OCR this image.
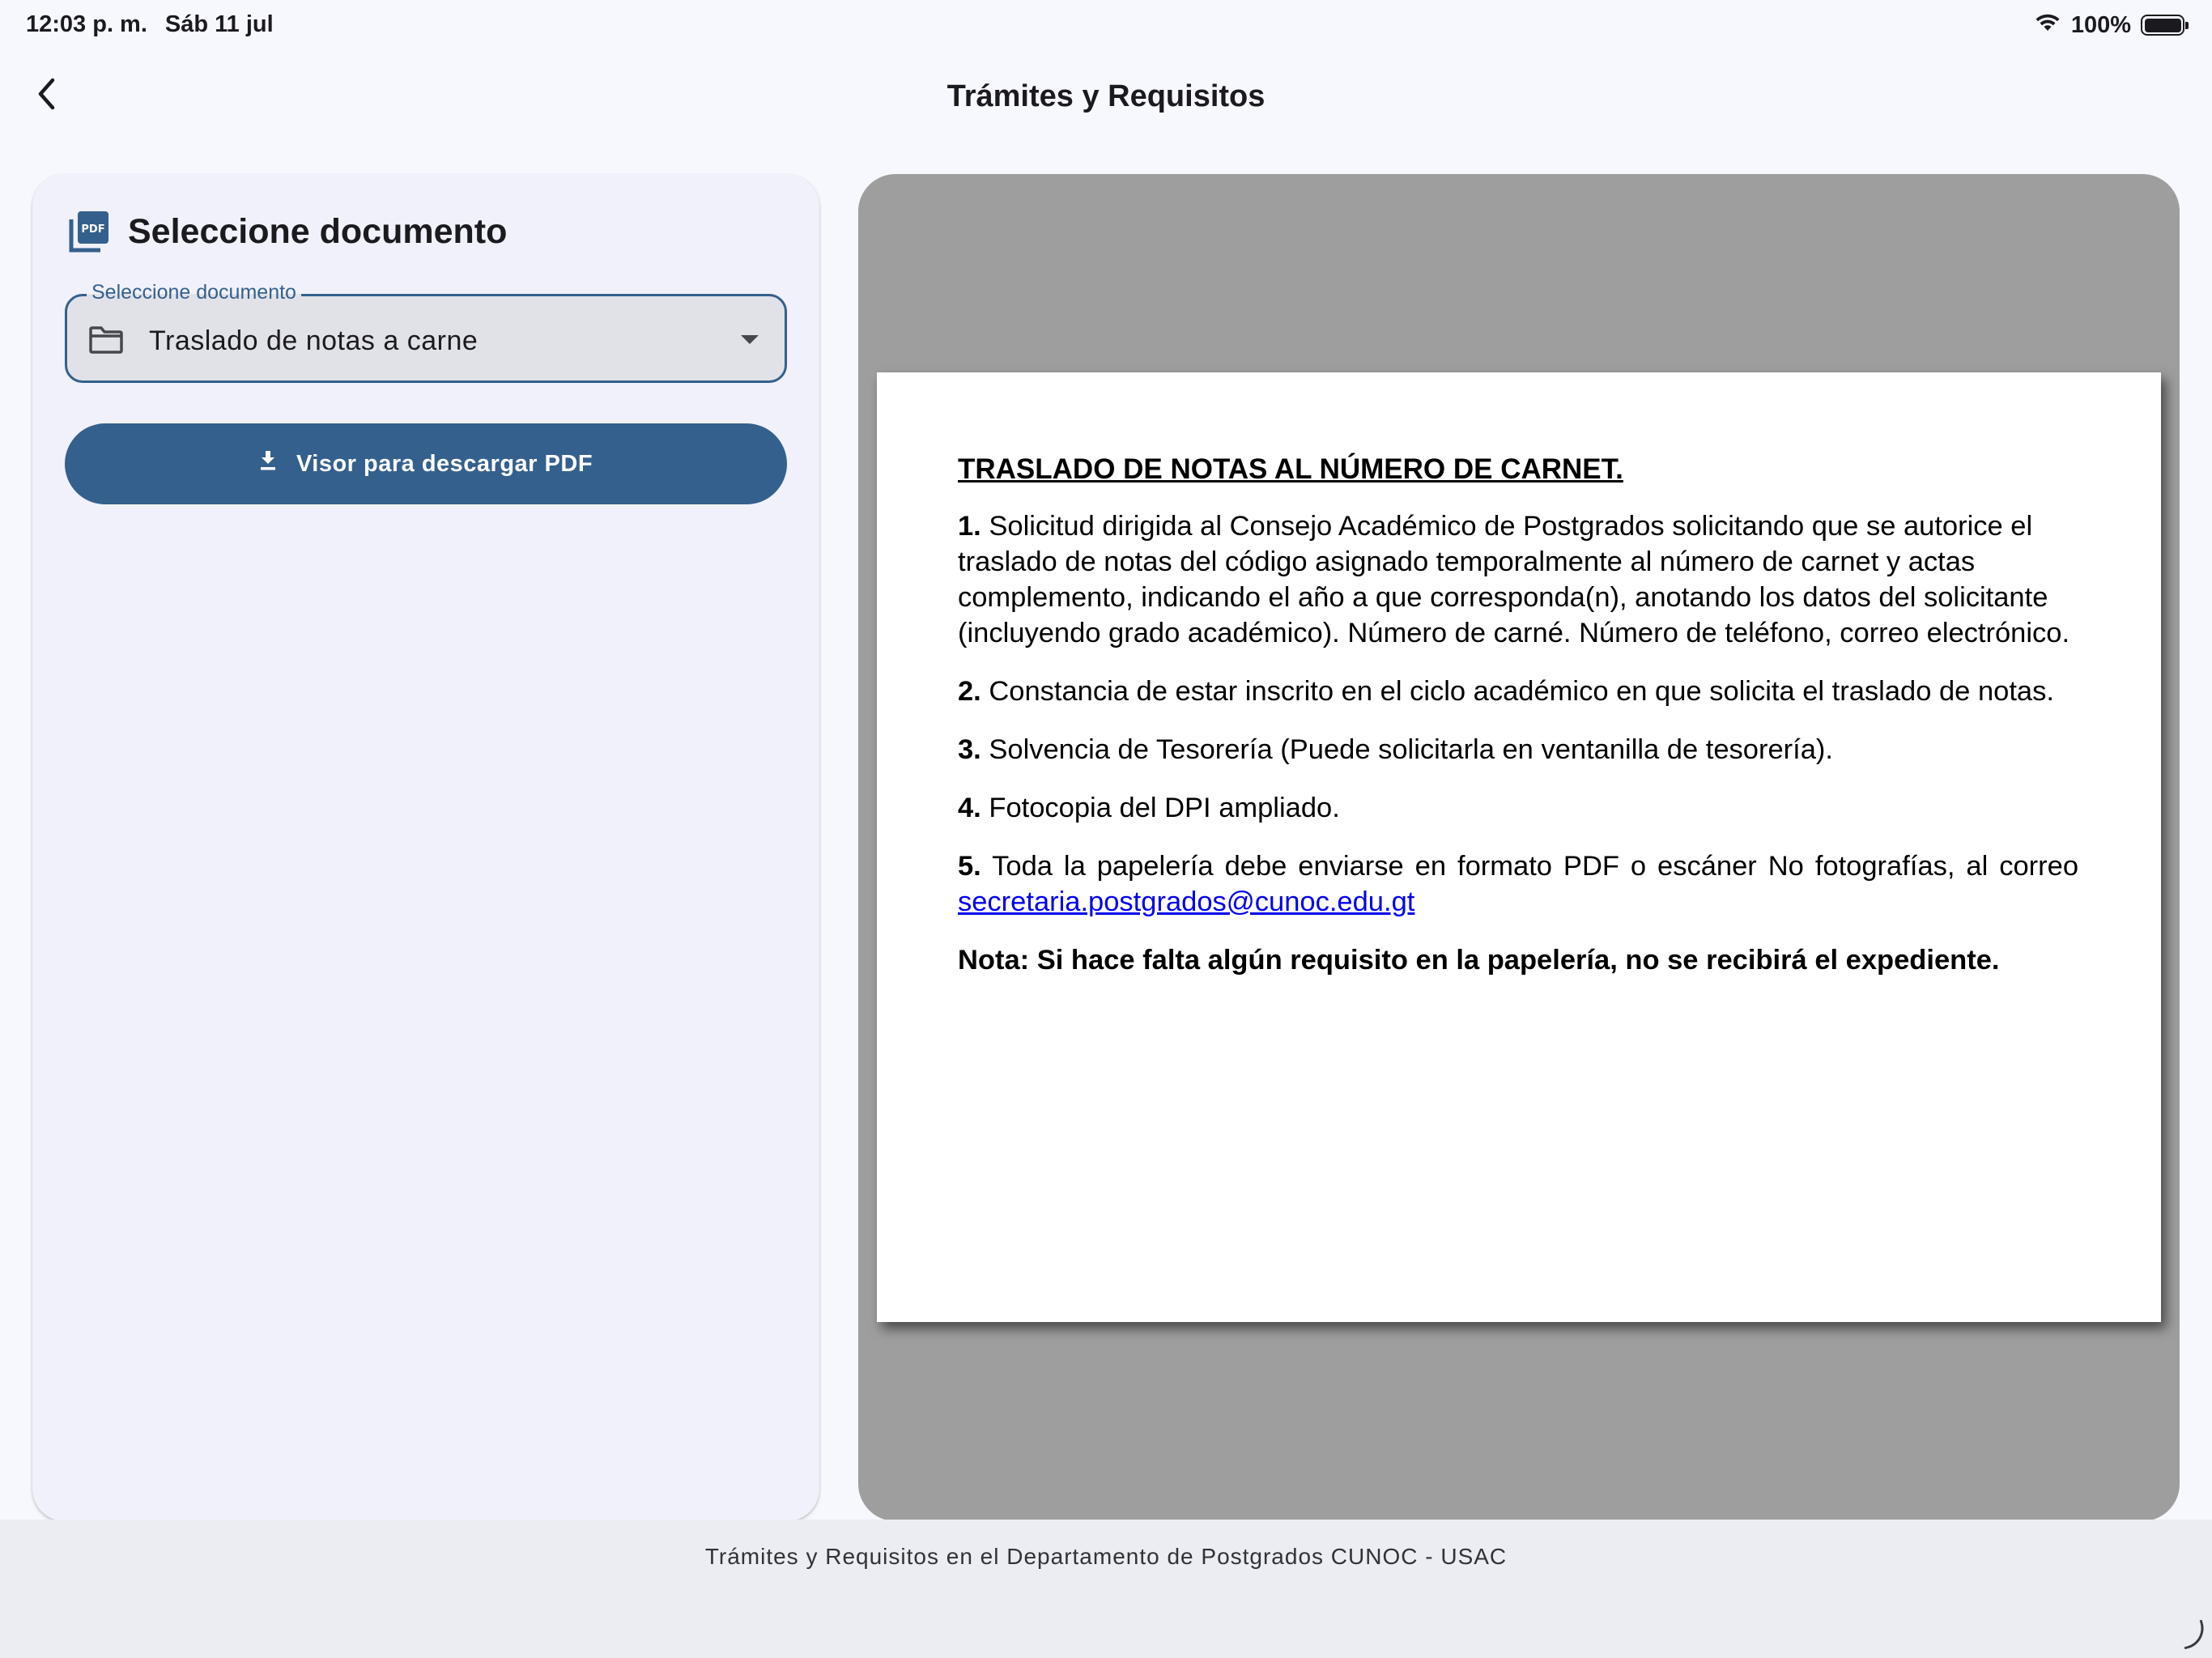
12:03 p. m. Sáb 11 jul	100%
Trámites y Requisitos
PDF Seleccione documento
Seleccione documento
Traslado de notas a carne
Visor para descargar PDF	TRASLADO DE NOTAS AL NÚMERO DE CARNET.
1. Solicitud dirigida al Consejo Académico de Postgrados solicitando que se autorice el traslado de notas del código asignado temporalmente al número de carnet y actas complemento, indicando el año a que corresponda(n), anotando los datos del solicitante (incluyendo grado académico). Número de carné. Número de teléfono, correo electrónico.
2. Constancia de estar inscrito en el ciclo académico en que solicita el traslado de notas.
3. Solvencia de Tesorería (Puede solicitarla en ventanilla de tesorería).
4. Fotocopia del DPI ampliado.
5. Toda la papelería debe enviarse en formato PDF o escáner No fotografías, al correo
secretaria.postgrados@cunoc.edu.gt
Nota: Si hace falta algún requisito en la papelería, no se recibirá el expediente.
Trámites y Requisitos en el Departamento de Postgrados CUNOC - USAC
